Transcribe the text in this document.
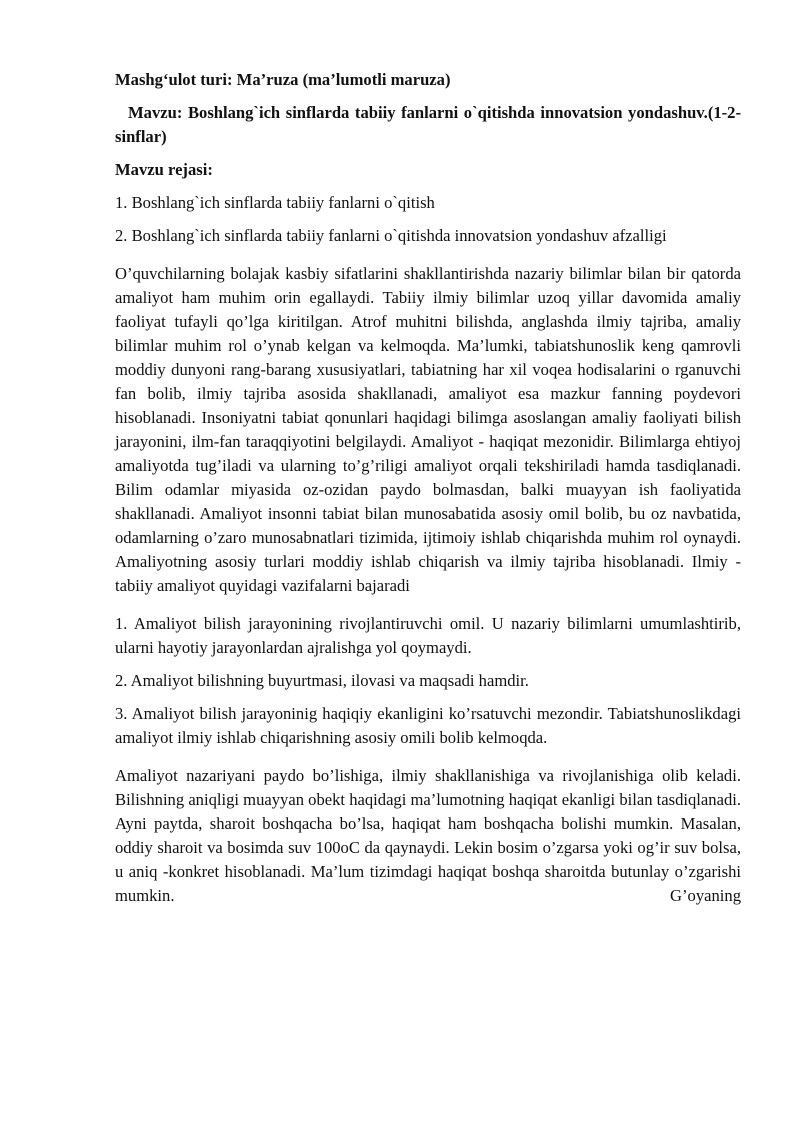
Mashg‘ulot turi: Ma’ruza (ma’lumotli maruza)

Mavzu: Boshlang`ich sinflarda tabiiy fanlarni o`qitishda innovatsion yondashuv.(1-2-sinflar)

Mavzu rejasi:

1. Boshlang`ich sinflarda tabiiy fanlarni o`qitish

2. Boshlang`ich sinflarda tabiiy fanlarni o`qitishda innovatsion yondashuv afzalligi

O’quvchilarning bolajak kasbiy sifatlarini shakllantirishda nazariy bilimlar bilan bir qatorda amaliyot ham muhim orin egallaydi. Tabiiy ilmiy bilimlar uzoq yillar davomida amaliy faoliyat tufayli qo’lga kiritilgan. Atrof muhitni bilishda, anglashda ilmiy tajriba, amaliy bilimlar muhim rol o’ynab kelgan va kelmoqda. Ma’lumki, tabiatshunoslik keng qamrovli moddiy dunyoni rang-barang xususiyatlari, tabiatning har xil voqea hodisalarini o rganuvchi fan bolib, ilmiy tajriba asosida shakllanadi, amaliyot esa mazkur fanning poydevori hisoblanadi. Insoniyatni tabiat qonunlari haqidagi bilimga asoslangan amaliy faoliyati bilish jarayonini, ilm-fan taraqqiyotini belgilaydi. Amaliyot - haqiqat mezonidir. Bilimlarga ehtiyoj amaliyotda tug’iladi va ularning to’g’riligi amaliyot orqali tekshiriladi hamda tasdiqlanadi. Bilim odamlar miyasida oz-ozidan paydo bolmasdan, balki muayyan ish faoliyatida shakllanadi. Amaliyot insonni tabiat bilan munosabatida asosiy omil bolib, bu oz navbatida, odamlarning o’zaro munosabnatlari tizimida, ijtimoiy ishlab chiqarishda muhim rol oynaydi. Amaliyotning asosiy turlari moddiy ishlab chiqarish va ilmiy tajriba hisoblanadi. Ilmiy - tabiiy amaliyot quyidagi vazifalarni bajaradi

1. Amaliyot bilish jarayonining rivojlantiruvchi omil. U nazariy bilimlarni umumlashtirib, ularni hayotiy jarayonlardan ajralishga yol qoymaydi.

2. Amaliyot bilishning buyurtmasi, ilovasi va maqsadi hamdir.

3. Amaliyot bilish jarayoninig haqiqiy ekanligini ko’rsatuvchi mezondir. Tabiatshunoslikdagi amaliyot ilmiy ishlab chiqarishning asosiy omili bolib kelmoqda.

Amaliyot nazariyani paydo bo’lishiga, ilmiy shakllanishiga va rivojlanishiga olib keladi. Bilishning aniqligi muayyan obekt haqidagi ma’lumotning haqiqat ekanligi bilan tasdiqlanadi. Ayni paytda, sharoit boshqacha bo’lsa, haqiqat ham boshqacha bolishi mumkin. Masalan, oddiy sharoit va bosimda suv 100oC da qaynaydi. Lekin bosim o’zgarsa yoki og’ir suv bolsa, u aniq -konkret hisoblanadi. Ma’lum tizimdagi haqiqat boshqa sharoitda butunlay o’zgarishi mumkin. G’oyaning
